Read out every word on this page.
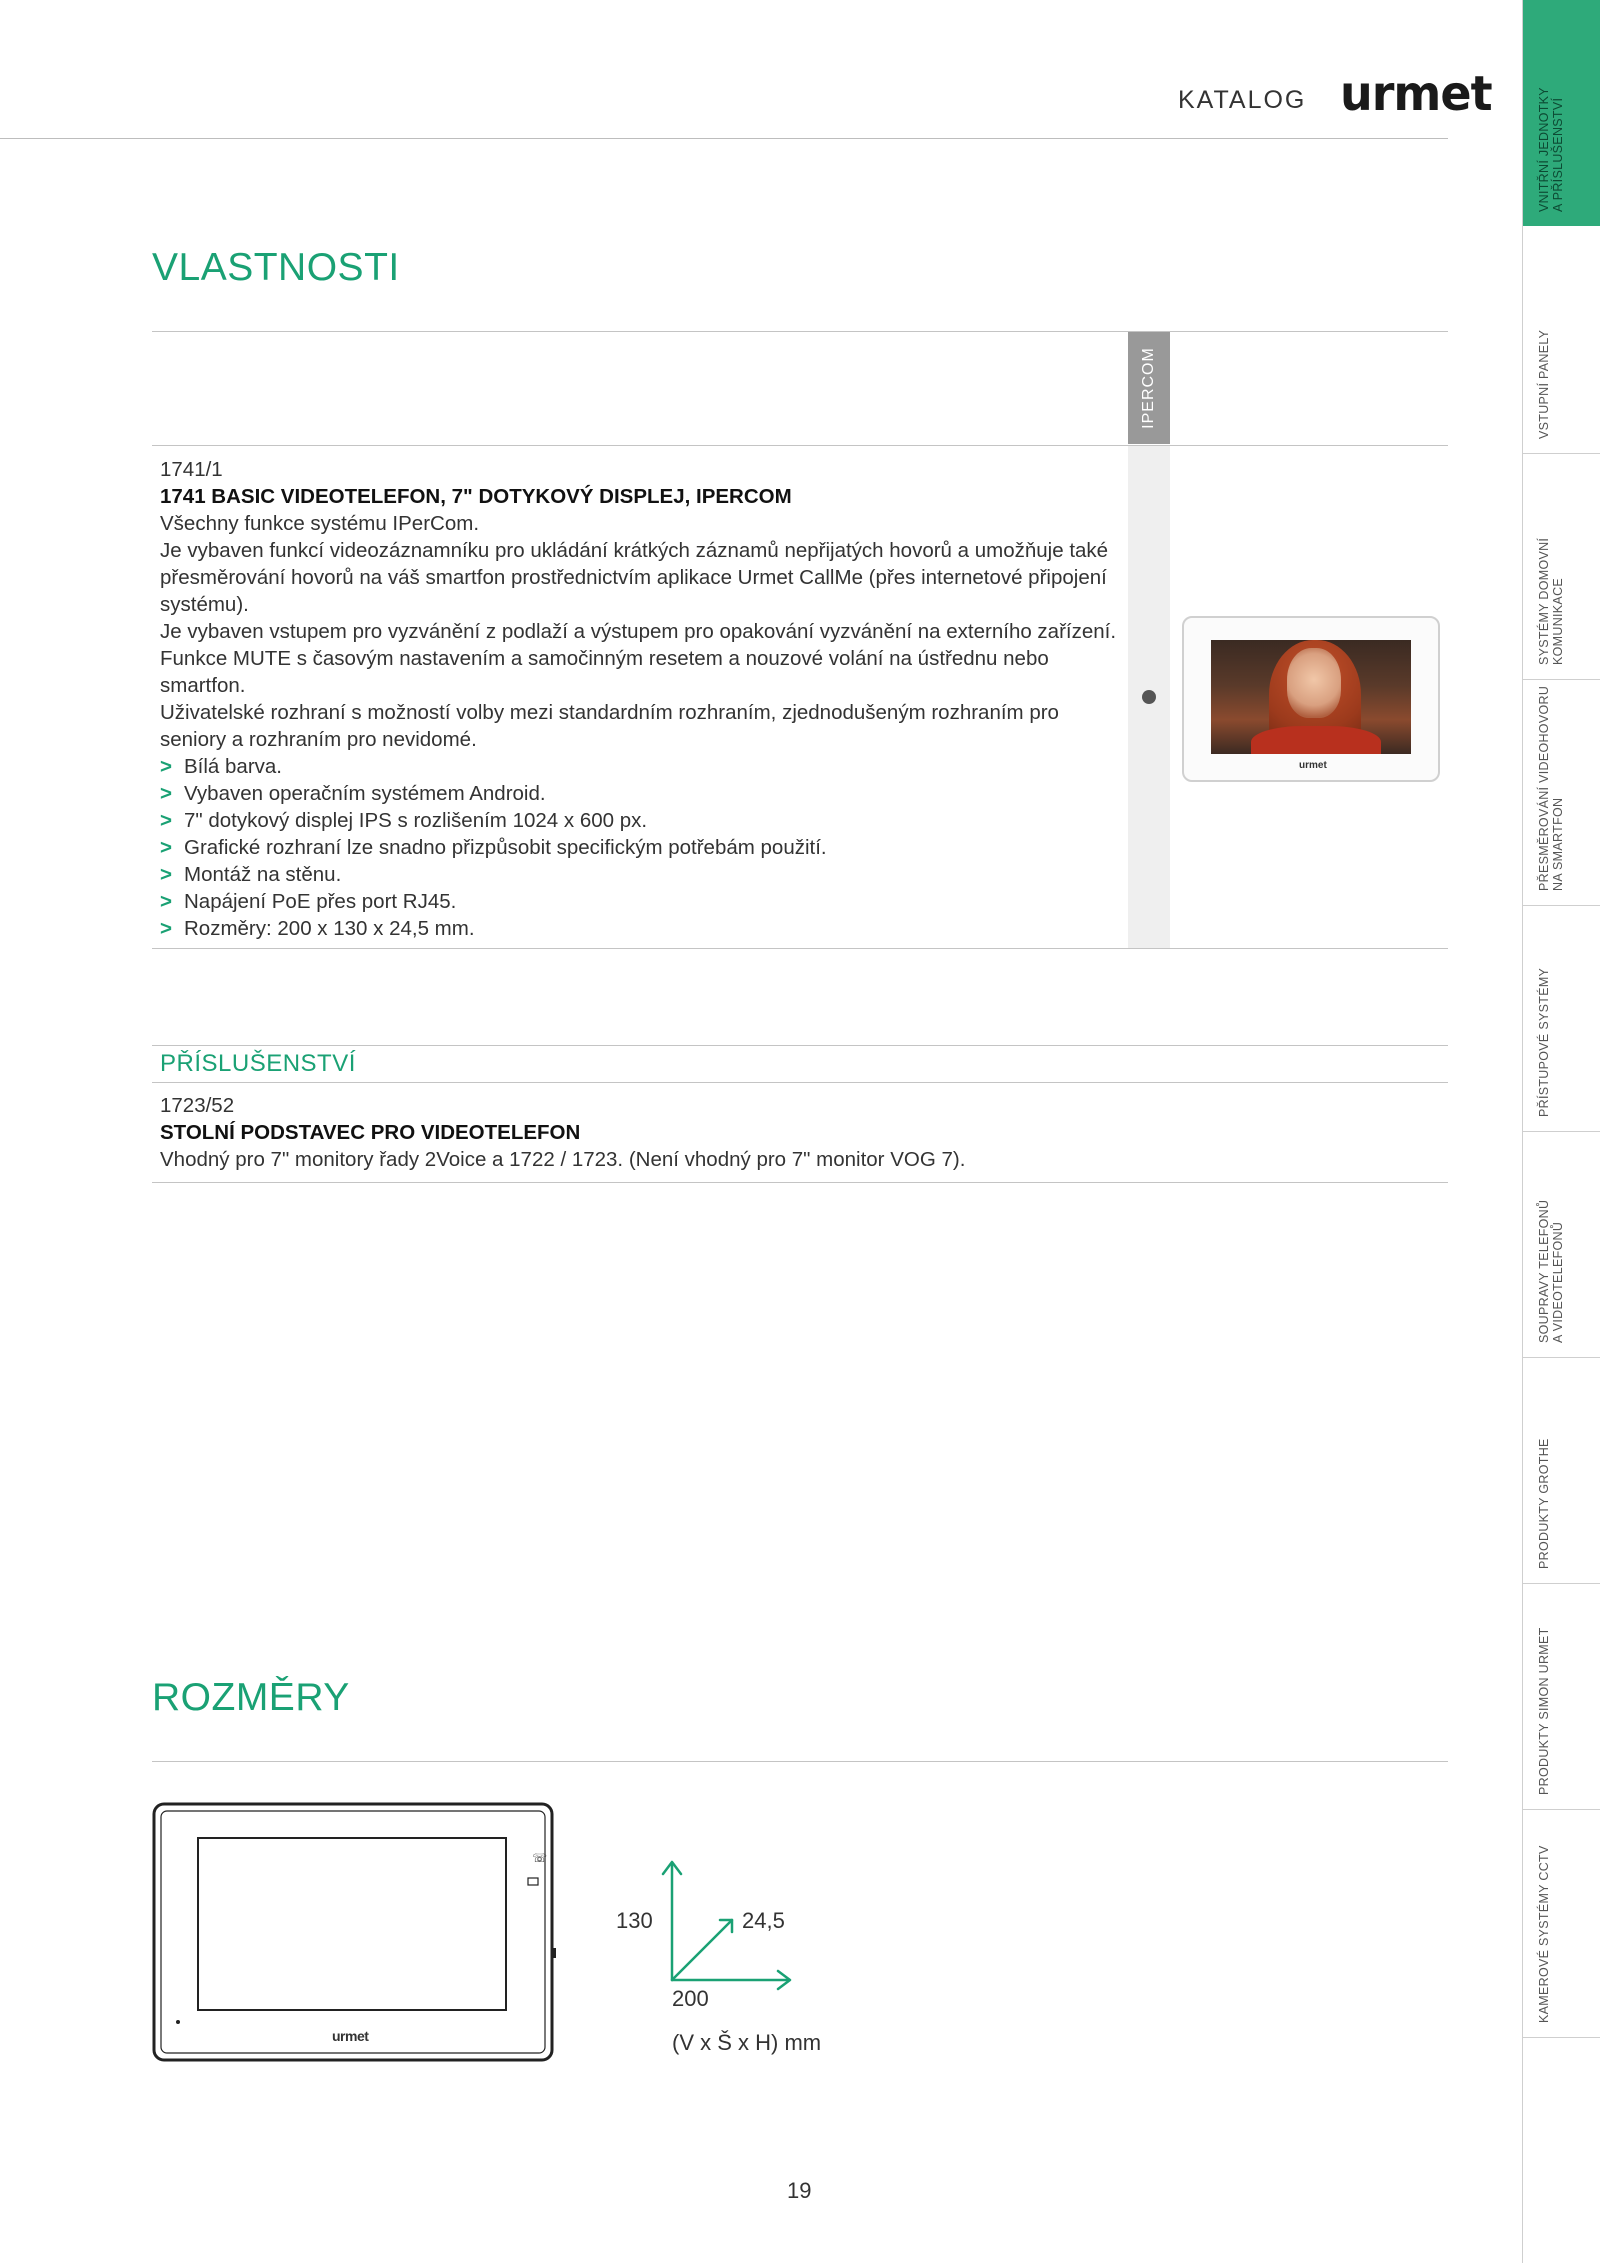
KATALOG urmet
VNITŘNÍ JEDNOTKY
A PŘÍSLUŠENSTVÍ
VSTUPNÍ PANELY
SYSTÉMY DOMOVNÍ
KOMUNIKACE
PŘESMĚROVÁNÍ VIDEOHOVORU
NA SMARTFON
PŘÍSTUPOVÉ SYSTÉMY
SOUPRAVY TELEFONŮ
A VIDEOTELEFONŮ
PRODUKTY GROTHE
PRODUKTY SIMON URMET
KAMEROVÉ SYSTÉMY CCTV
VLASTNOSTI
IPERCOM

1741/1

1741 BASIC VIDEOTELEFON, 7" DOTYKOVÝ DISPLEJ, IPERCOM

Všechny funkce systému IPerCom.

Je vybaven funkcí videozáznamníku pro ukládání krátkých záznamů nepřijatých hovorů a umožňuje také přesměrování hovorů na váš smartfon prostřednictvím aplikace Urmet CallMe (přes internetové připojení systému).

Je vybaven vstupem pro vyzvánění z podlaží a výstupem pro opakování vyzvánění na externího zařízení. Funkce MUTE s časovým nastavením a samočinným resetem a nouzové volání na ústřednu nebo smartfon.

Uživatelské rozhraní s možností volby mezi standardním rozhraním, zjednodušeným rozhraním pro seniory a rozhraním pro nevidomé.

> Bílá barva.
> Vybaven operačním systémem Android.
> 7" dotykový displej IPS s rozlišením 1024 x 600 px.
> Grafické rozhraní lze snadno přizpůsobit specifickým potřebám použití.
> Montáž na stěnu.
> Napájení PoE přes port RJ45.
> Rozměry: 200 x 130 x 24,5 mm.
urmet
PŘÍSLUŠENSTVÍ
1723/52
STOLNÍ PODSTAVEC PRO VIDEOTELEFON
Vhodný pro 7" monitory řady 2Voice a 1722 / 1723. (Není vhodný pro 7" monitor VOG 7).
ROZMĚRY
☏
urmet
130	24,5
200
(V x Š x H) mm
19
